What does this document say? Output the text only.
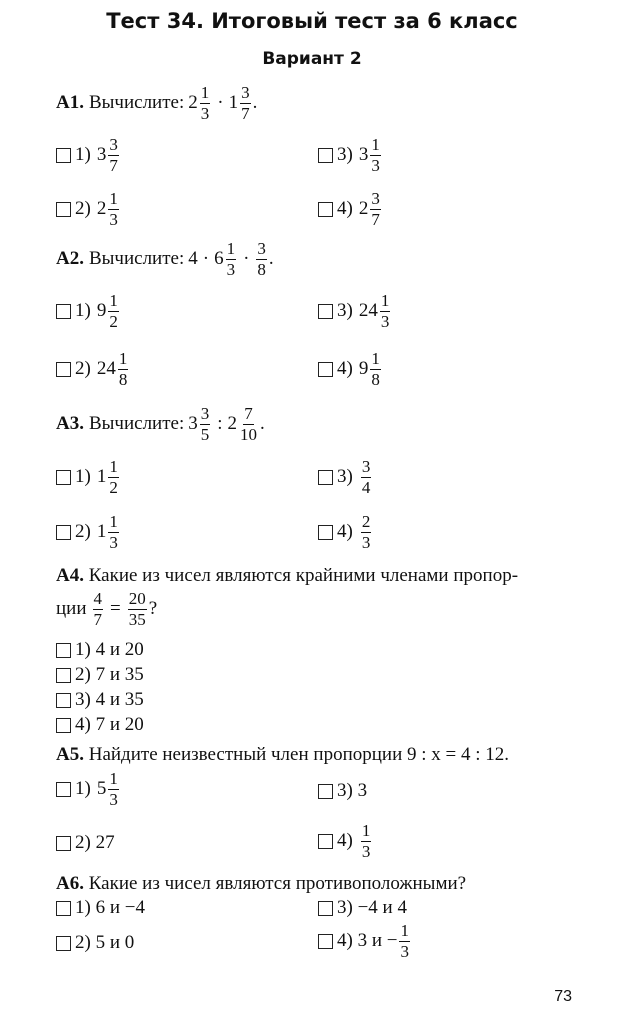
Тест 34. Итоговый тест за 6 класс
Вариант 2
A1. Вычислите: $2 \frac{1}{3} \cdot 1 \frac{3}{7}$ .
1) $3 \frac{3}{7}$	3) $3 \frac{1}{3}$
2) $2 \frac{1}{3}$	4) $2 \frac{3}{7}$
A2. Вычислите: $4 \cdot 6 \frac{1}{3} \cdot \frac{3}{8}$ .
1) $9 \frac{1}{2}$	3) $24 \frac{1}{3}$
2) $24 \frac{1}{8}$	4) $9 \frac{1}{8}$
A3. Вычислите: $3 \frac{3}{5}$ : $2 \frac{7}{10}$ .
1) $1 \frac{1}{2}$	$3) \frac{3}{4}$
2) $1 \frac{1}{3}$	$4) \frac{2}{3}$
A4. Какие из чисел являются крайними членами пропор-
ции $\frac{4}{7} = \frac{20}{35}$ ?
1) 4 и 20
2) 7 и 35
3) 4 и 35
4) 7 и 20
A5. Найдите неизвестный член пропорции 9 : x = 4 : 12.
1) $5 \frac{1}{3}$	3) 3
2) 27	$4) \frac{1}{3}$
A6. Какие из чисел являются противоположными?
1) 6 и −4	3) −4 и 4
2) 5 и 0	4) 3 $и - \frac{1}{3}$
73
